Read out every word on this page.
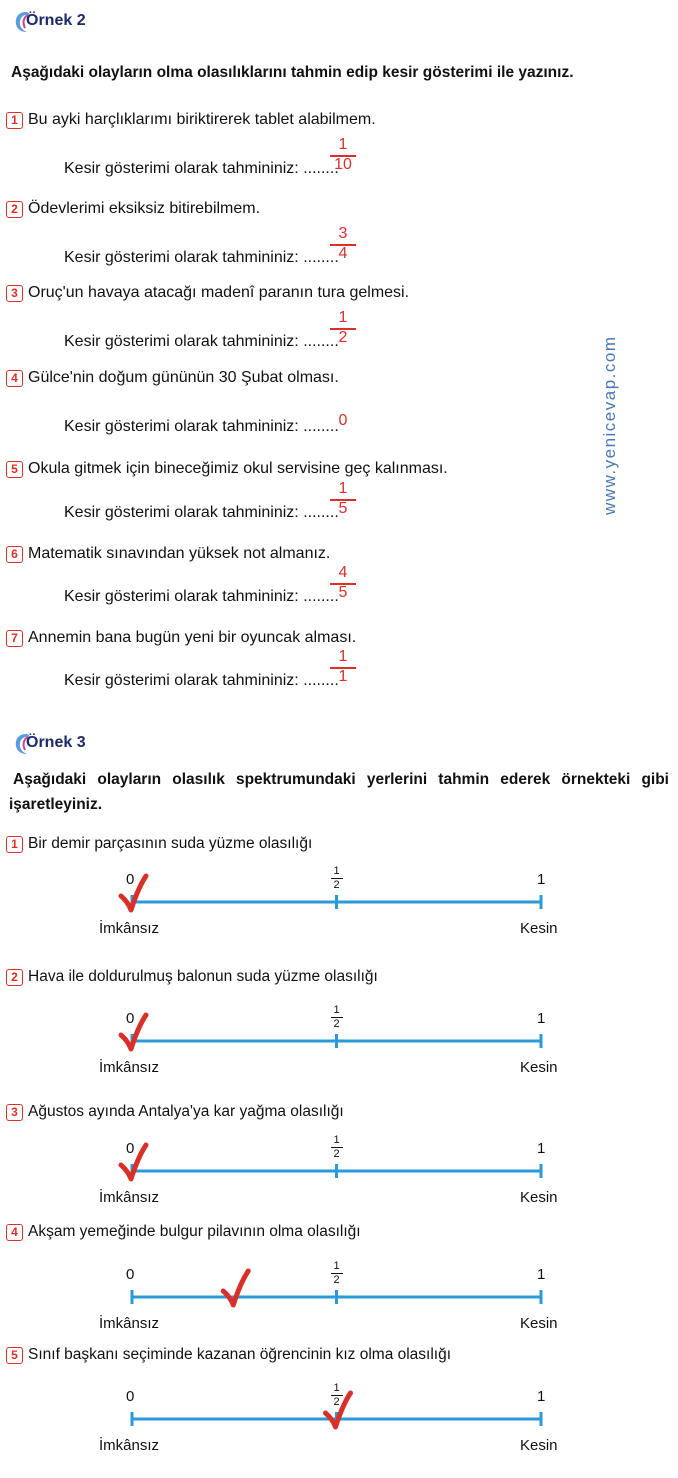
Örnek 2
Aşağıdaki olayların olma olasılıklarını tahmin edip kesir gösterimi ile yazınız.
1 Bu ayki harçlıklarımı biriktirerek tablet alabilmem.
Kesir gösterimi olarak tahmininiz: ........
1
10
2 Ödevlerimi eksiksiz bitirebilmem.
Kesir gösterimi olarak tahmininiz: ........
3
4
3 Oruç'un havaya atacağı madenî paranın tura gelmesi.
Kesir gösterimi olarak tahmininiz: ........
1
2
4 Gülce'nin doğum gününün 30 Şubat olması.
Kesir gösterimi olarak tahmininiz: ........ 0
5 Okula gitmek için bineceğimiz okul servisine geç kalınması.
Kesir gösterimi olarak tahmininiz: ........
1
5
6 Matematik sınavından yüksek not almanız.
Kesir gösterimi olarak tahmininiz: ........
4
5
7 Annemin bana bugün yeni bir oyuncak alması.
Kesir gösterimi olarak tahmininiz: ........
1
1
www.yenicevap.com
Örnek 3
Aşağıdaki olayların olasılık spektrumundaki yerlerini tahmin ederek örnekteki gibi
işaretleyiniz.
1 Bir demir parçasının suda yüzme olasılığı
0	1
1
2
İmkânsız	Kesin
2 Hava ile doldurulmuş balonun suda yüzme olasılığı
0	1
1
2
İmkânsız	Kesin
3 Ağustos ayında Antalya'ya kar yağma olasılığı
0	1
1
2
İmkânsız	Kesin
4 Akşam yemeğinde bulgur pilavının olma olasılığı
0	1
1
2
İmkânsız	Kesin
5 Sınıf başkanı seçiminde kazanan öğrencinin kız olma olasılığı
0	1
1
2
İmkânsız	Kesin
